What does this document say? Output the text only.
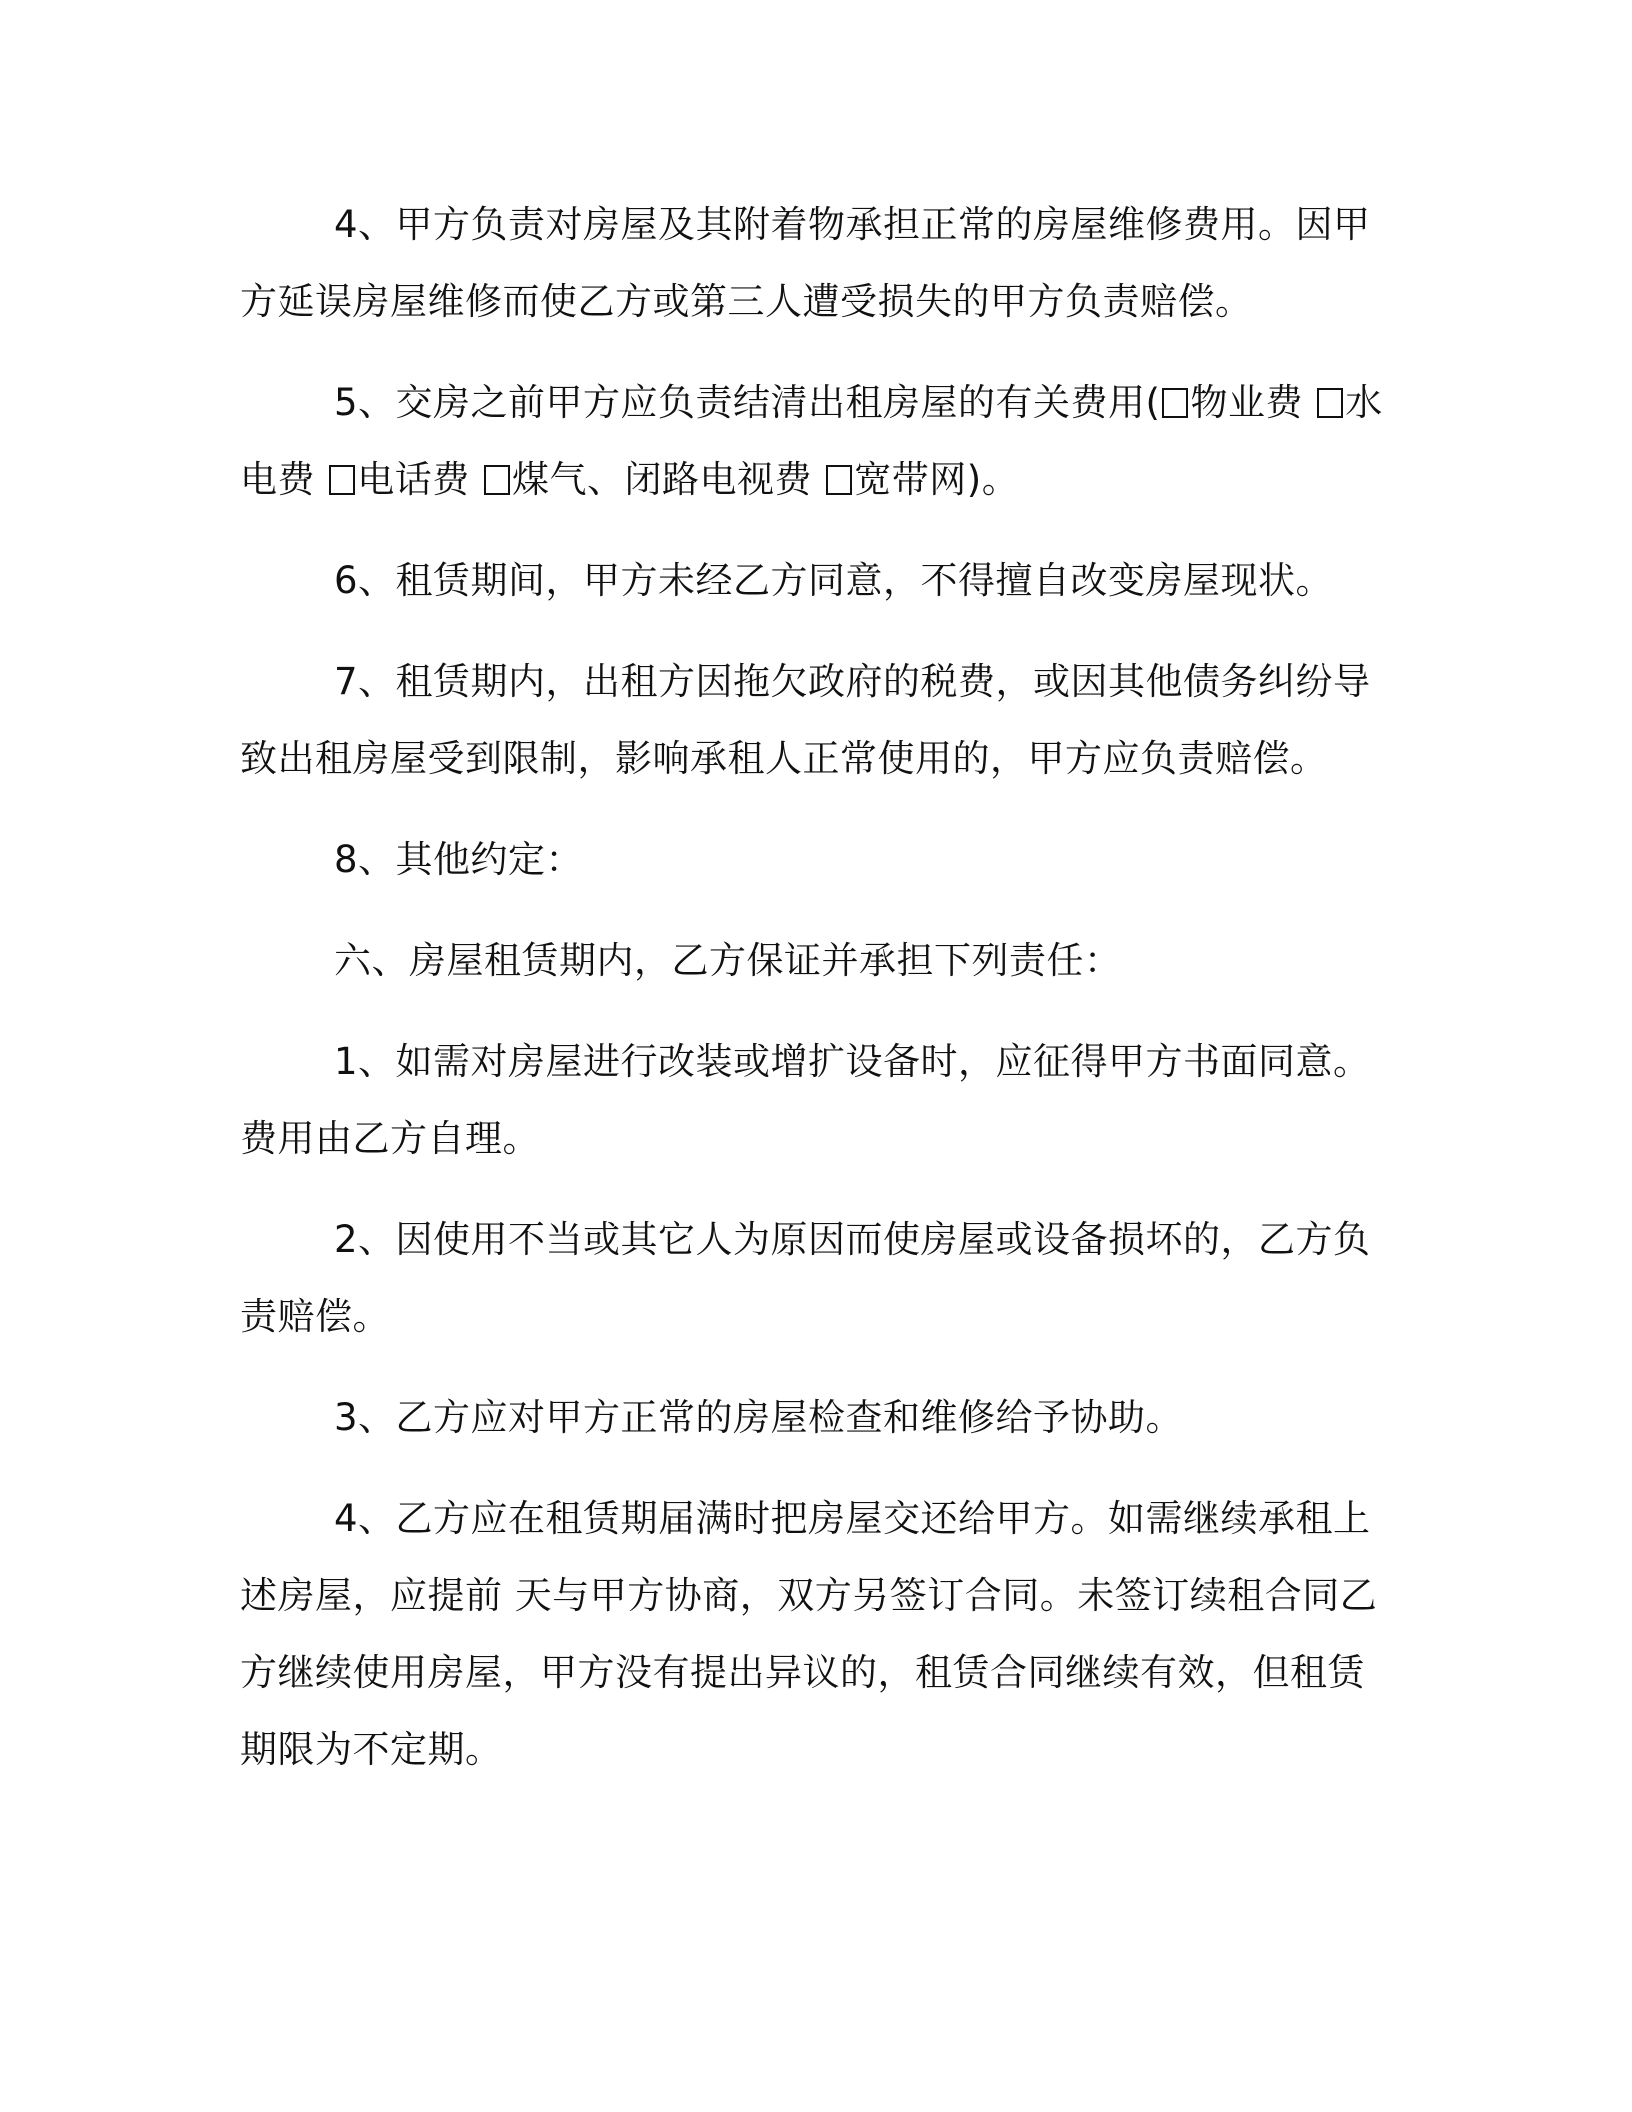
4、甲方负责对房屋及其附着物承担正常的房屋维修费用。因甲
方延误房屋维修而使乙方或第三人遭受损失的甲方负责赔偿。

5、交房之前甲方应负责结清出租房屋的有关费用( 物业费 水
电费 电话费 煤气、闭路电视费 宽带网)。

6、租赁期间，甲方未经乙方同意，不得擅自改变房屋现状。

7、租赁期内，出租方因拖欠政府的税费，或因其他债务纠纷导
致出租房屋受到限制，影响承租人正常使用的，甲方应负责赔偿。

8、其他约定：

六、房屋租赁期内，乙方保证并承担下列责任：

1、如需对房屋进行改装或增扩设备时，应征得甲方书面同意。
费用由乙方自理。

2、因使用不当或其它人为原因而使房屋或设备损坏的，乙方负
责赔偿。

3、乙方应对甲方正常的房屋检查和维修给予协助。

4、乙方应在租赁期届满时把房屋交还给甲方。如需继续承租上
述房屋，应提前 天与甲方协商，双方另签订合同。未签订续租合同乙
方继续使用房屋，甲方没有提出异议的，租赁合同继续有效，但租赁
期限为不定期。
